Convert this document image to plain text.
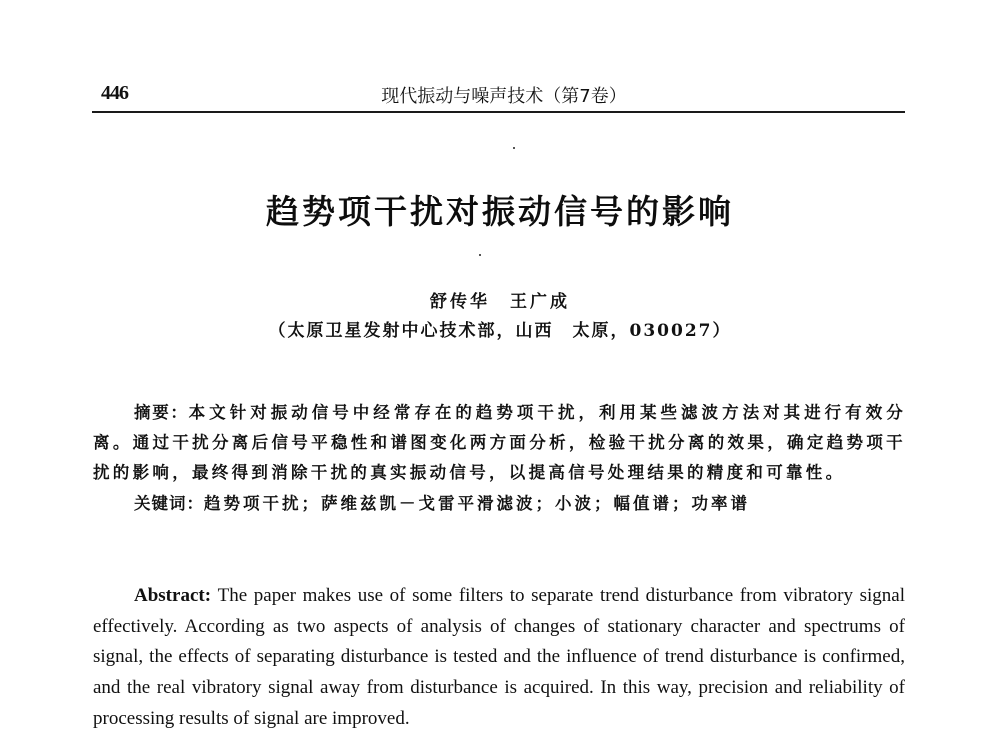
446	现代振动与噪声技术（第7卷）
趋势项干扰对振动信号的影响
舒传华　王广成
（太原卫星发射中心技术部，山西　太原，030027）

摘要：本文针对振动信号中经常存在的趋势项干扰，利用某些滤波方法对其进行有效分离。通过干扰分离后信号平稳性和谱图变化两方面分析，检验干扰分离的效果，确定趋势项干扰的影响，最终得到消除干扰的真实振动信号，以提高信号处理结果的精度和可靠性。

关键词：趋势项干扰；萨维兹凯－戈雷平滑滤波；小波；幅值谱；功率谱

Abstract: The paper makes use of some filters to separate trend disturbance from vibratory signal effectively. According as two aspects of analysis of changes of stationary character and spectrums of signal, the effects of separating disturbance is tested and the influence of trend disturbance is confirmed, and the real vibratory signal away from disturbance is acquired. In this way, precision and reliability of processing results of signal are improved.
